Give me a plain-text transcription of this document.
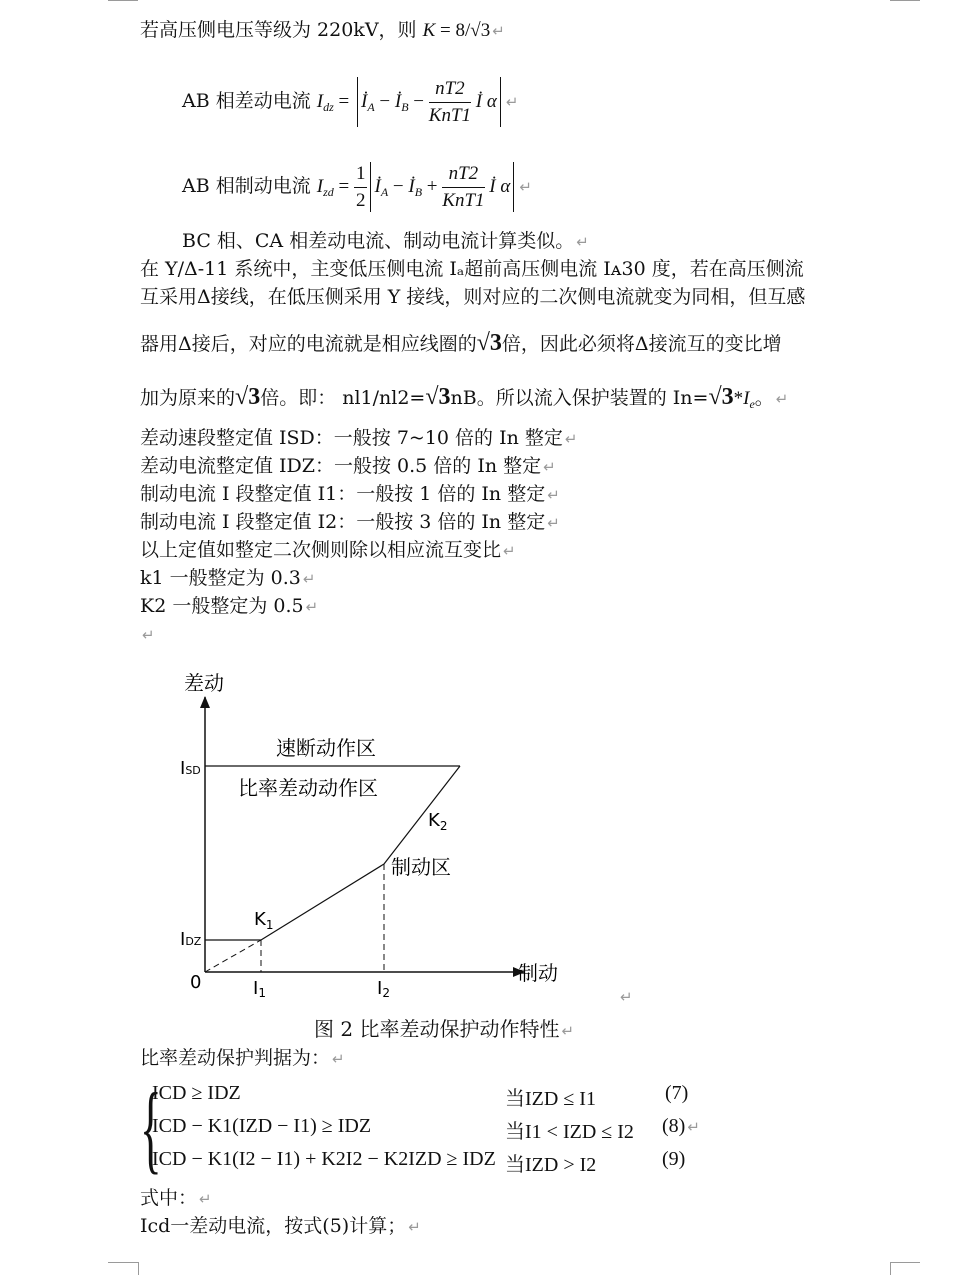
若高压侧电压等级为 220kV，则 K = 8/√3 ↵
AB 相差动电流 $I_{dz}$ = $İ_A$ − $İ_B - \frac{nT2}{\text{KnT1}}$ İ α ↵
AB 相制动电流 $I_{zd} = \frac{1}{2}$ $İ_A$ − $İ_B + \frac{nT2}{\text{KnT1}}$ İ α ↵
BC 相、CA 相差动电流、制动电流计算类似。 ↵
在 Y/Δ-11 系统中，主变低压侧电流 Iₐ超前高压侧电流 Iᴀ30 度，若在高压侧流
互采用Δ接线，在低压侧采用 Y 接线，则对应的二次侧电流就变为同相，但互感
器用Δ接后，对应的电流就是相应线圈的√3倍，因此必须将Δ接流互的变比增
加为原来的√3倍。即： nl1/nl2=√3nB。所以流入保护装置的 $In=√3*I_e$。 ↵
差动速段整定值 ISD：一般按 7~10 倍的 In 整定 ↵
差动电流整定值 IDZ：一般按 0.5 倍的 In 整定 ↵
制动电流 I 段整定值 I1：一般按 1 倍的 In 整定 ↵
制动电流 I 段整定值 I2：一般按 3 倍的 In 整定 ↵
以上定值如整定二次侧则除以相应流互变比 ↵
k1 一般整定为 0.3 ↵
K2 一般整定为 0.5 ↵
↵
差动
制动
速断动作区
比率差动动作区
制动区
ISD
IDZ
0
$K_1$
$K_2$
I1	I2	↵
图 2 比率差动保护动作特性 ↵
比率差动保护判据为： ↵
{
ICD ≥ IDZ	当IZD ≤ I1	(7)
ICD − K1(IZD − I1) ≥ IDZ	当I1 < IZD ≤ I2 (8) ↵
ICD − K1(I2 − I1) + K2I2 − K2IZD ≥ IDZ 当IZD > I2	(9)
式中： ↵
Icd一差动电流，按式(5)计算； ↵
